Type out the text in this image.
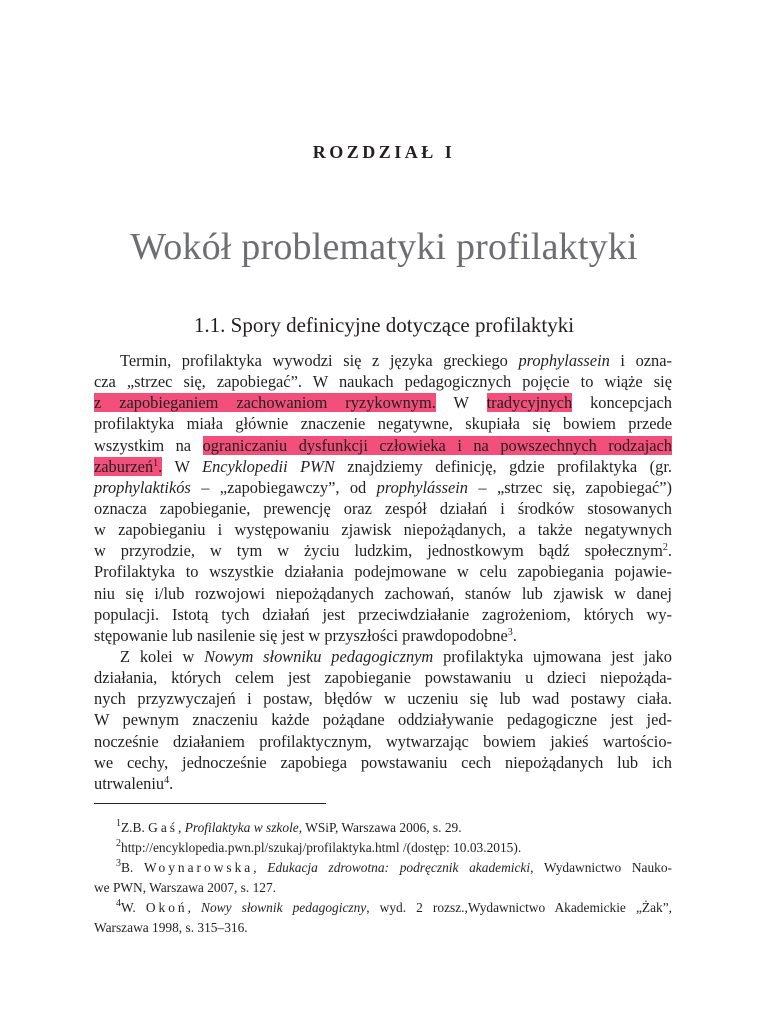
ROZDZIAŁ I
Wokół problematyki profilaktyki
1.1. Spory definicyjne dotyczące profilaktyki
Termin, profilaktyka wywodzi się z języka greckiego prophylassein i ozna-
cza „strzec się, zapobiegać”. W naukach pedagogicznych pojęcie to wiąże się
z zapobieganiem zachowaniom ryzykownym. W tradycyjnych koncepcjach
profilaktyka miała głównie znaczenie negatywne, skupiała się bowiem przede
wszystkim na ograniczaniu dysfunkcji człowieka i na powszechnych rodzajach
zaburzeń$^1$. W Encyklopedii PWN znajdziemy definicję, gdzie profilaktyka (gr.
prophylaktikós – „zapobiegawczy”, od prophylássein – „strzec się, zapobiegać”)
oznacza zapobieganie, prewencję oraz zespół działań i środków stosowanych
w zapobieganiu i występowaniu zjawisk niepożądanych, a także negatywnych
w przyrodzie, w tym w życiu ludzkim, jednostkowym bądź społecznym$^2$.
Profilaktyka to wszystkie działania podejmowane w celu zapobiegania pojawie-
niu się i/lub rozwojowi niepożądanych zachowań, stanów lub zjawisk w danej
populacji. Istotą tych działań jest przeciwdziałanie zagrożeniom, których wy-
stępowanie lub nasilenie się jest w przyszłości prawdopodobne$^3$.
Z kolei w Nowym słowniku pedagogicznym profilaktyka ujmowana jest jako
działania, których celem jest zapobieganie powstawaniu u dzieci niepożąda-
nych przyzwyczajeń i postaw, błędów w uczeniu się lub wad postawy ciała.
W pewnym znaczeniu każde pożądane oddziaływanie pedagogiczne jest jed-
nocześnie działaniem profilaktycznym, wytwarzając bowiem jakieś wartościo-
we cechy, jednocześnie zapobiega powstawaniu cech niepożądanych lub ich
utrwaleniu$^4$.
$^1$Z.B. Gaś, Profilaktyka w szkole, WSiP, Warszawa 2006, s. 29.
$^2$http://encyklopedia.pwn.pl/szukaj/profilaktyka.html /(dostęp: 10.03.2015).
$^3$B. Woynarowska, Edukacja zdrowotna: podręcznik akademicki, Wydawnictwo Nauko-
we PWN, Warszawa 2007, s. 127.
$^4$W. Okoń, Nowy słownik pedagogiczny, wyd. 2 rozsz.,Wydawnictwo Akademickie „Żak”,
Warszawa 1998, s. 315–316.
